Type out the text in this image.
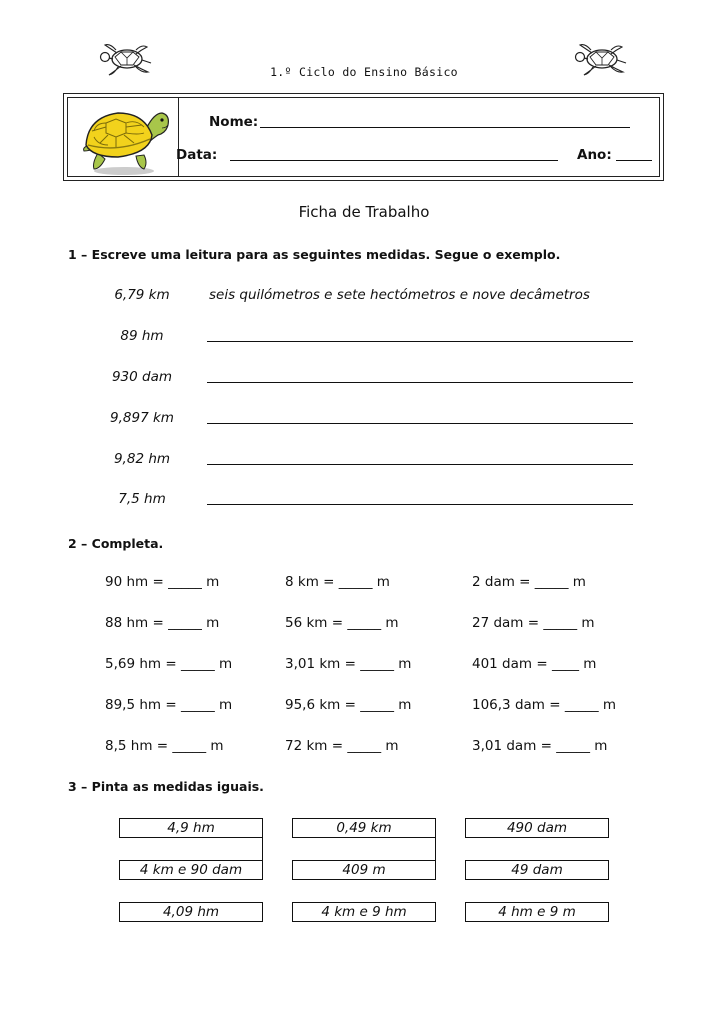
1.º Ciclo do Ensino Básico
Nome:
Data:	Ano:
Ficha de Trabalho
1 – Escreve uma leitura para as seguintes medidas. Segue o exemplo.
6,79 km	seis quilómetros e sete hectómetros e nove decâmetros
89 hm
930 dam
9,897 km
9,82 hm
7,5 hm
2 – Completa.
90 hm = _____ m	8 km = _____ m	2 dam = _____ m
88 hm = _____ m	56 km = _____ m	27 dam = _____ m
5,69 hm = _____ m	3,01 km = _____ m	401 dam = ____ m
89,5 hm = _____ m	95,6 km = _____ m	106,3 dam = _____ m
8,5 hm = _____ m	72 km = _____ m	3,01 dam = _____ m
3 – Pinta as medidas iguais.
4,9 hm	0,49 km	490 dam
4 km e 90 dam	409 m	49 dam
4,09 hm	4 km e 9 hm	4 hm e 9 m
